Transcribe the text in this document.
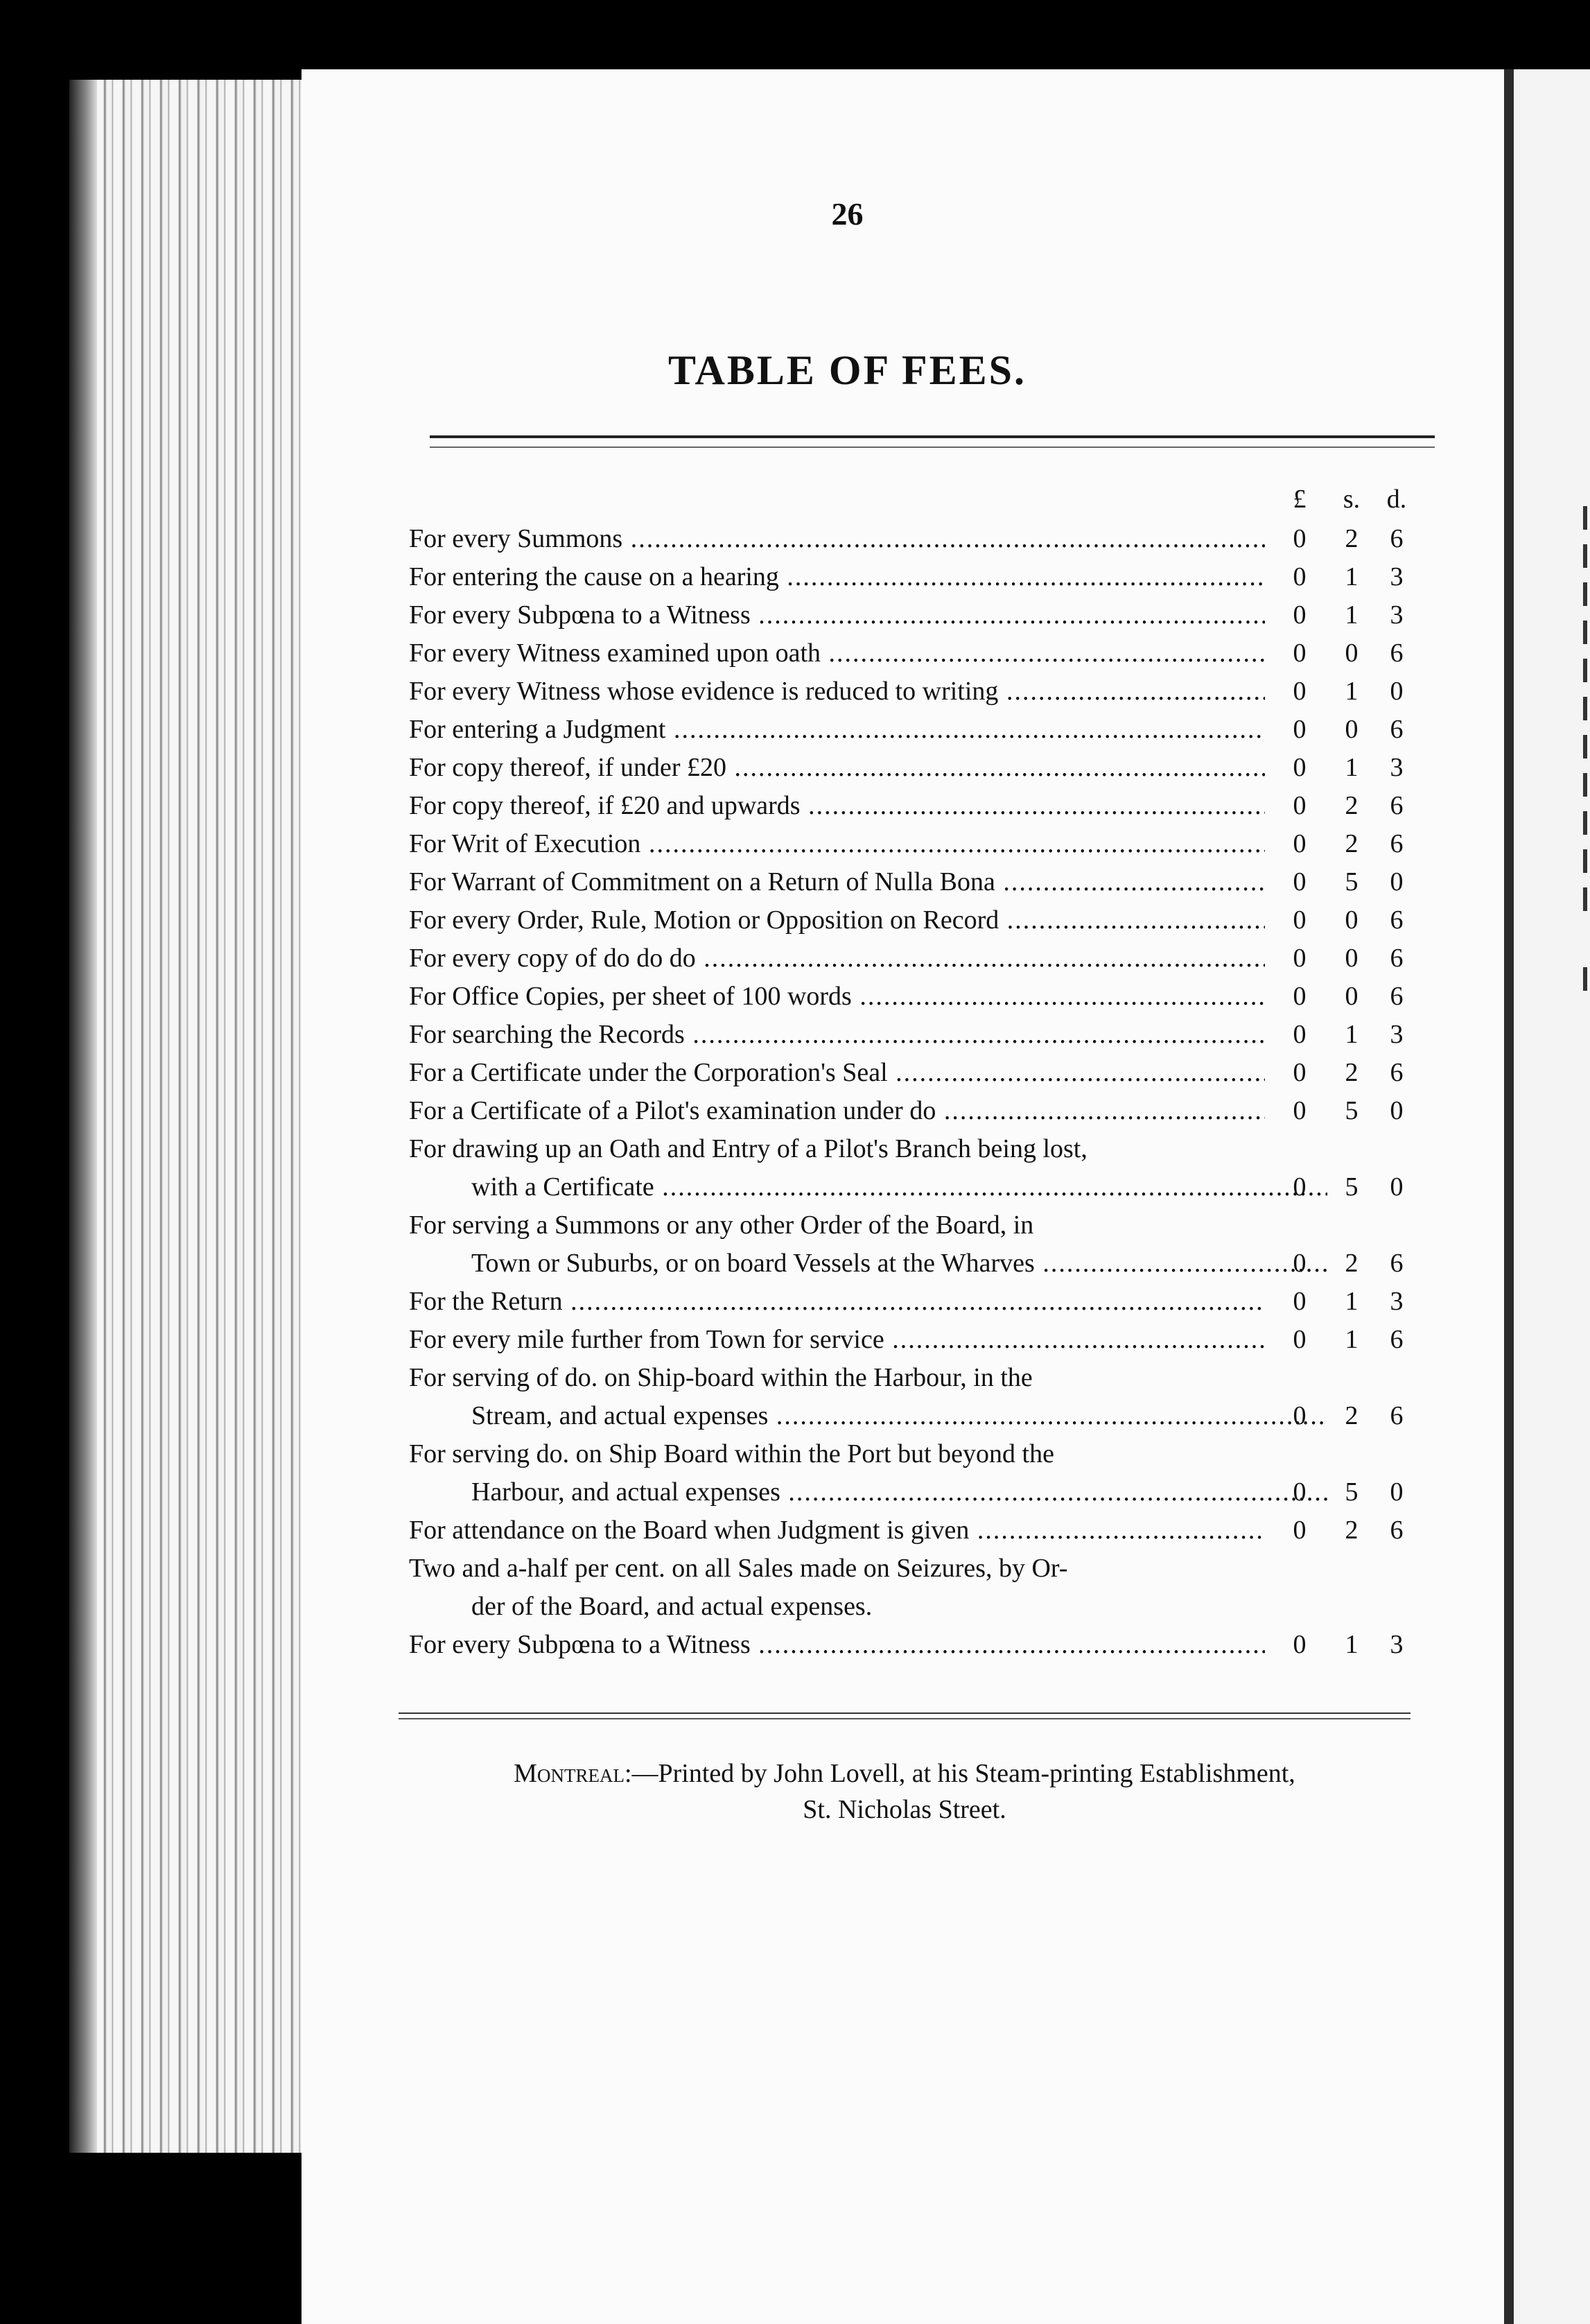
26
TABLE OF FEES.
£	s.	d.
For every Summons .....	0	2	6
For entering the cause on a hearing .....	0	1	3
For every Subpœna to a Witness .....	0	1	3
For every Witness examined upon oath .....	0	0	6
For every Witness whose evidence is reduced to writing .....	0	1	0
For entering a Judgment .....	0	0	6
For copy thereof, if under £20 .....	0	1	3
For copy thereof, if £20 and upwards .....	0	2	6
For Writ of Execution .....	0	2	6
For Warrant of Commitment on a Return of Nulla Bona .....	0	5	0
For every Order, Rule, Motion or Opposition on Record .....	0	0	6
For every copy of do do do .....	0	0	6
For Office Copies, per sheet of 100 words .....	0	0	6
For searching the Records .....	0	1	3
For a Certificate under the Corporation's Seal .....	0	2	6
For a Certificate of a Pilot's examination under do .....	0	5	0
For drawing up an Oath and Entry of a Pilot's Branch being lost,
with a Certificate .....	0	5	0
For serving a Summons or any other Order of the Board, in
Town or Suburbs, or on board Vessels at the Wharves .....	0	2	6
For the Return .....	0	1	3
For every mile further from Town for service .....	0	1	6
For serving of do. on Ship-board within the Harbour, in the
Stream, and actual expenses .....	0	2	6
For serving do. on Ship Board within the Port but beyond the
Harbour, and actual expenses .....	0	5	0
For attendance on the Board when Judgment is given .....	0	2	6
Two and a-half per cent. on all Sales made on Seizures, by Or-
der of the Board, and actual expenses.
For every Subpœna to a Witness .....	0	1	3
Montreal:—Printed by John Lovell, at his Steam-printing Establishment,
St. Nicholas Street.
